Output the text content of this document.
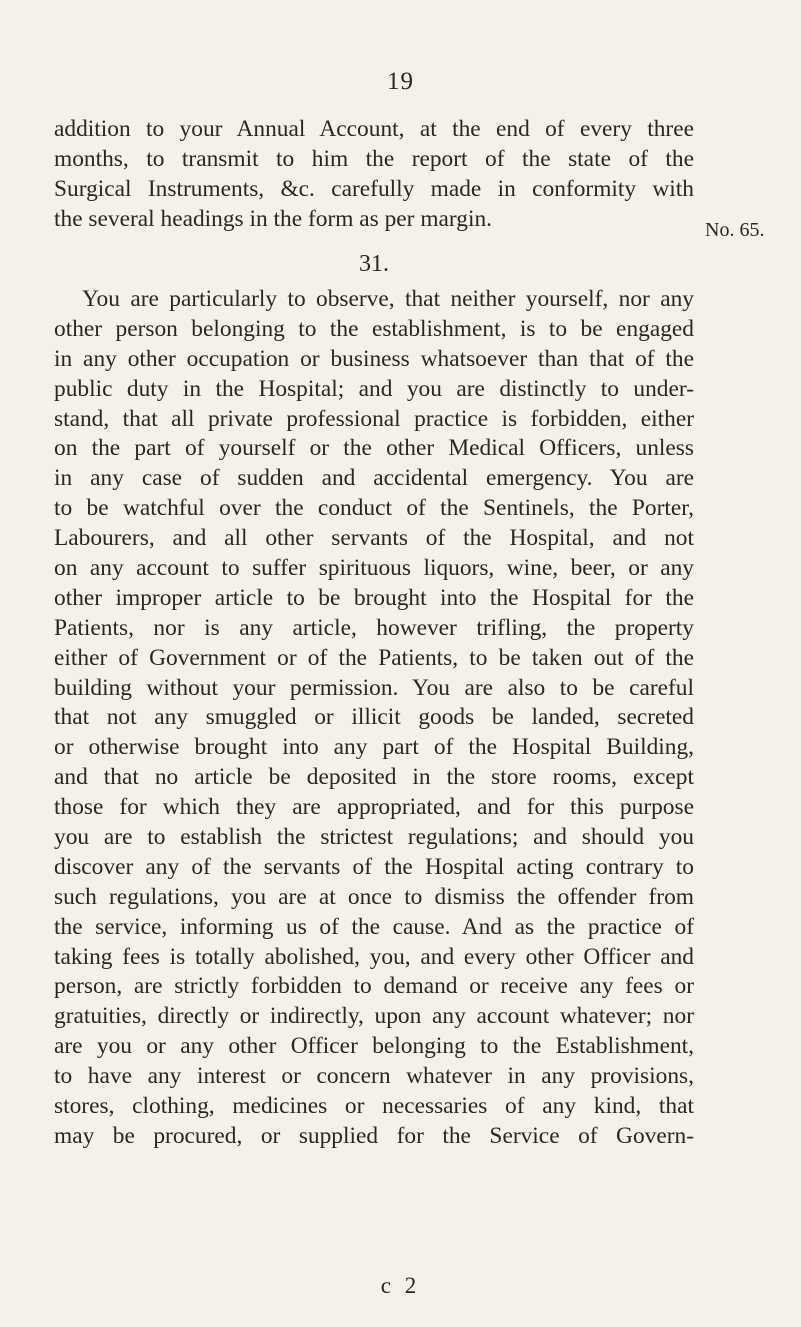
19
addition to your Annual Account, at the end of every three
months, to transmit to him the report of the state of the
Surgical Instruments, &c. carefully made in conformity with
the several headings in the form as per margin.	No. 65.
31.
You are particularly to observe, that neither yourself, nor any
other person belonging to the establishment, is to be engaged
in any other occupation or business whatsoever than that of the
public duty in the Hospital; and you are distinctly to under-
stand, that all private professional practice is forbidden, either
on the part of yourself or the other Medical Officers, unless
in any case of sudden and accidental emergency. You are
to be watchful over the conduct of the Sentinels, the Porter,
Labourers, and all other servants of the Hospital, and not
on any account to suffer spirituous liquors, wine, beer, or any
other improper article to be brought into the Hospital for the
Patients, nor is any article, however trifling, the property
either of Government or of the Patients, to be taken out of the
building without your permission. You are also to be careful
that not any smuggled or illicit goods be landed, secreted
or otherwise brought into any part of the Hospital Building,
and that no article be deposited in the store rooms, except
those for which they are appropriated, and for this purpose
you are to establish the strictest regulations; and should you
discover any of the servants of the Hospital acting contrary to
such regulations, you are at once to dismiss the offender from
the service, informing us of the cause. And as the practice of
taking fees is totally abolished, you, and every other Officer and
person, are strictly forbidden to demand or receive any fees or
gratuities, directly or indirectly, upon any account whatever; nor
are you or any other Officer belonging to the Establishment,
to have any interest or concern whatever in any provisions,
stores, clothing, medicines or necessaries of any kind, that
may be procured, or supplied for the Service of Govern-
c 2
